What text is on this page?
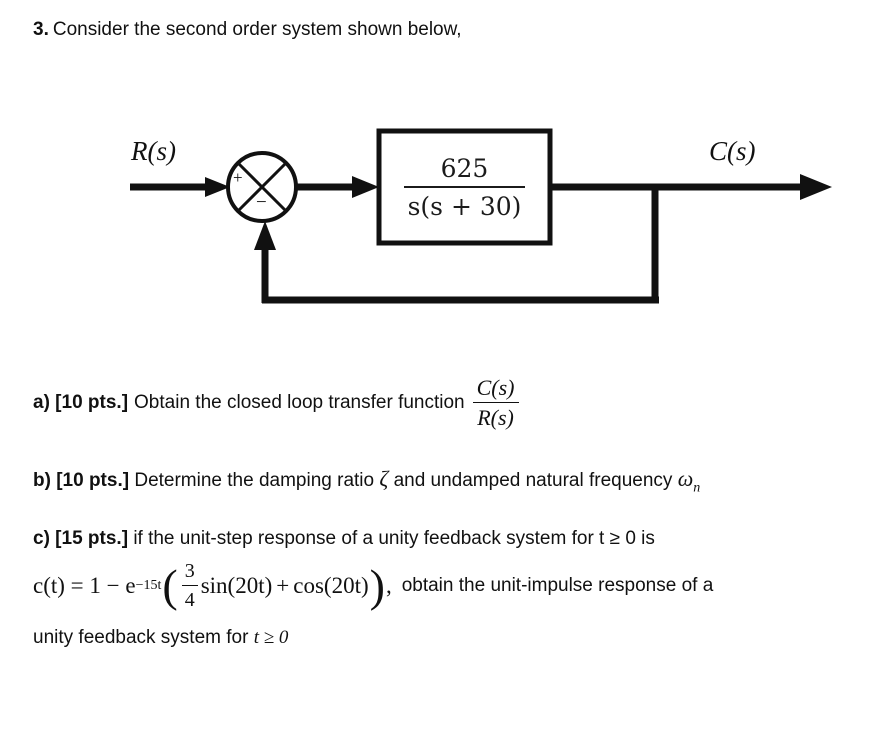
3. Consider the second order system shown below,
R(s)	C(s)
+
−	$\frac{625}{s(s + 30)}$
a) [10 pts.] Obtain the closed loop transfer function $\frac{C(s)}{R(s)}$
b) [10 pts.] Determine the damping ratio ζ and undamped natural frequency $\omega_n$
c) [15 pts.] if the unit-step response of a unity feedback system for t ≥ 0 is
c(t) = 1 − e −15t ( $\frac{3}{4} \sin(20t) + \cos(20t)$ ) , obtain the unit-impulse response of a
unity feedback system for t ≥ 0
